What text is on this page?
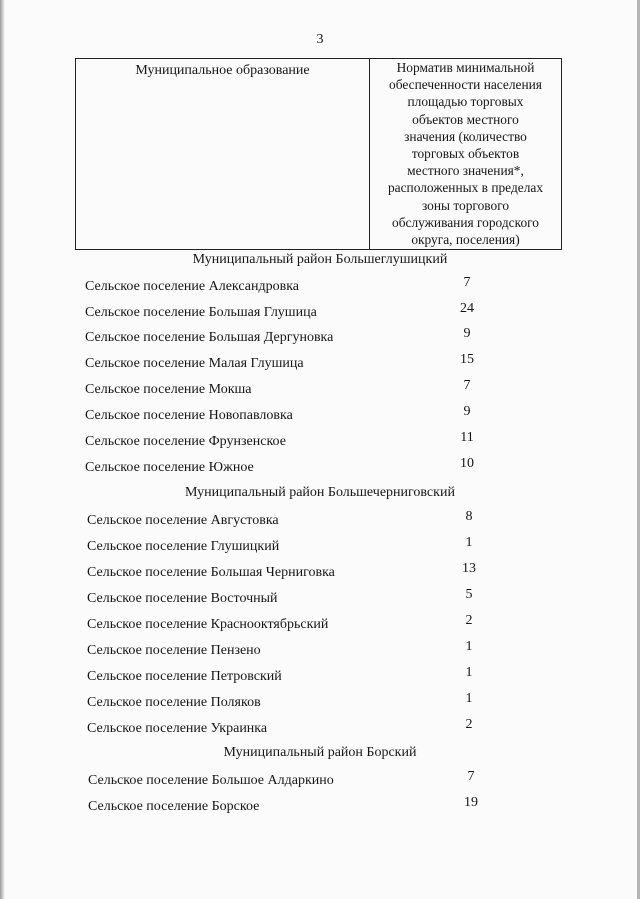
3
Муниципальное образование	Норматив минимальной
обеспеченности населения
площадью торговых
объектов местного
значения (количество
торговых объектов
местного значения*,
расположенных в пределах
зоны торгового
обслуживания городского
округа, поселения)
Муниципальный район Большеглушицкий
Сельское поселение Александровка	7
Сельское поселение Большая Глушица	24
Сельское поселение Большая Дергуновка	9
Сельское поселение Малая Глушица	15
Сельское поселение Мокша	7
Сельское поселение Новопавловка	9
Сельское поселение Фрунзенское	11
Сельское поселение Южное	10
Муниципальный район Большечерниговский
Сельское поселение Августовка	8
Сельское поселение Глушицкий	1
Сельское поселение Большая Черниговка	13
Сельское поселение Восточный	5
Сельское поселение Краснооктябрьский	2
Сельское поселение Пензено	1
Сельское поселение Петровский	1
Сельское поселение Поляков	1
Сельское поселение Украинка	2
Муниципальный район Борский
Сельское поселение Большое Алдаркино	7
Сельское поселение Борское	19
